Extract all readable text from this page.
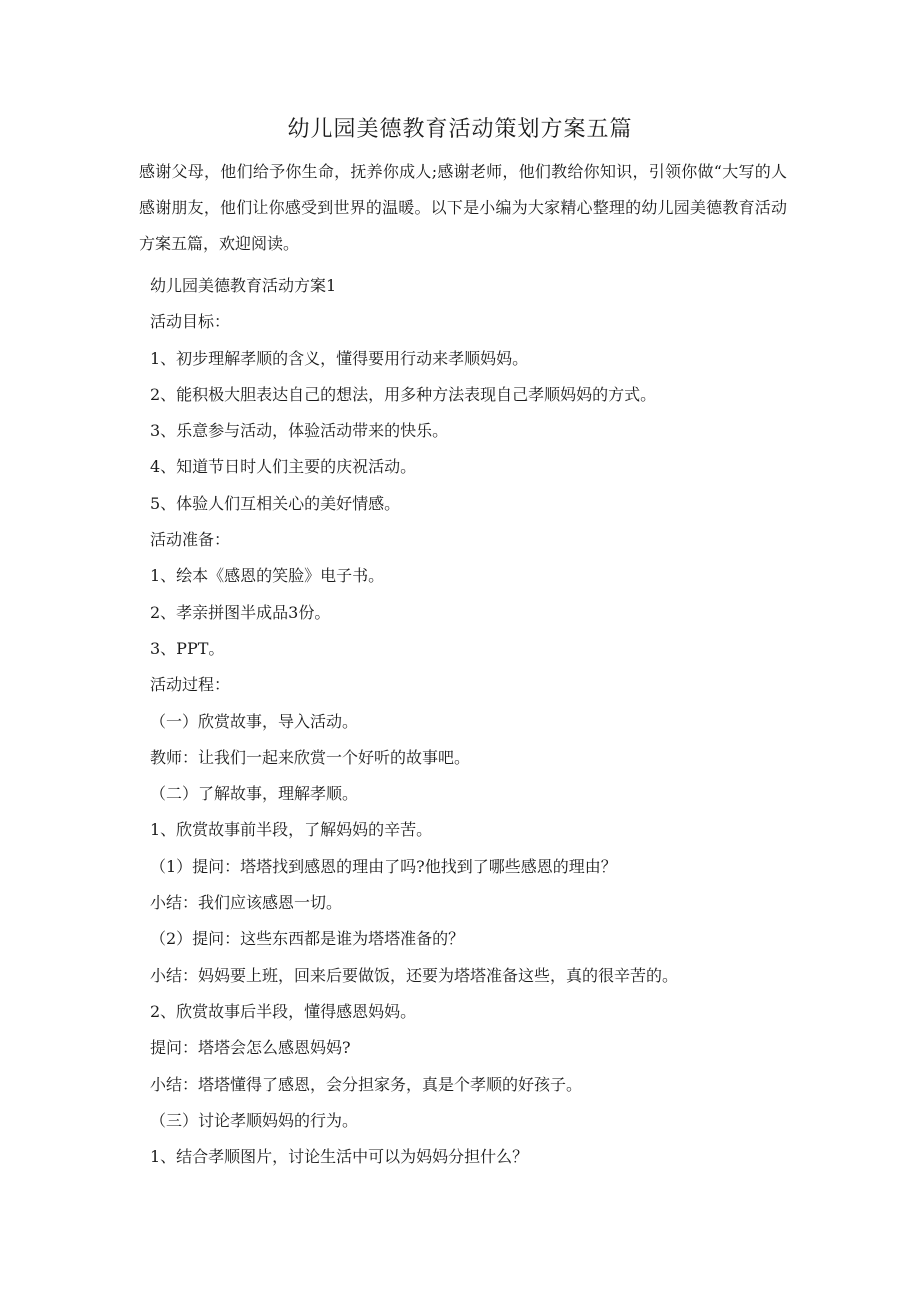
幼儿园美德教育活动策划方案五篇
感谢父母，他们给予你生命，抚养你成人;感谢老师，他们教给你知识，引领你做“大写的人感谢朋友，他们让你感受到世界的温暖。以下是小编为大家精心整理的幼儿园美德教育活动方案五篇，欢迎阅读。
幼儿园美德教育活动方案1
活动目标：
1、初步理解孝顺的含义，懂得要用行动来孝顺妈妈。
2、能积极大胆表达自己的想法，用多种方法表现自己孝顺妈妈的方式。
3、乐意参与活动，体验活动带来的快乐。
4、知道节日时人们主要的庆祝活动。
5、体验人们互相关心的美好情感。
活动准备：
1、绘本《感恩的笑脸》电子书。
2、孝亲拼图半成品3份。
3、PPT。
活动过程：
（一）欣赏故事，导入活动。
教师：让我们一起来欣赏一个好听的故事吧。
（二）了解故事，理解孝顺。
1、欣赏故事前半段，了解妈妈的辛苦。
（1）提问：塔塔找到感恩的理由了吗?他找到了哪些感恩的理由？
小结：我们应该感恩一切。
（2）提问：这些东西都是谁为塔塔准备的？
小结：妈妈要上班，回来后要做饭，还要为塔塔准备这些，真的很辛苦的。
2、欣赏故事后半段，懂得感恩妈妈。
提问：塔塔会怎么感恩妈妈?
小结：塔塔懂得了感恩，会分担家务，真是个孝顺的好孩子。
（三）讨论孝顺妈妈的行为。
1、结合孝顺图片，讨论生活中可以为妈妈分担什么？
